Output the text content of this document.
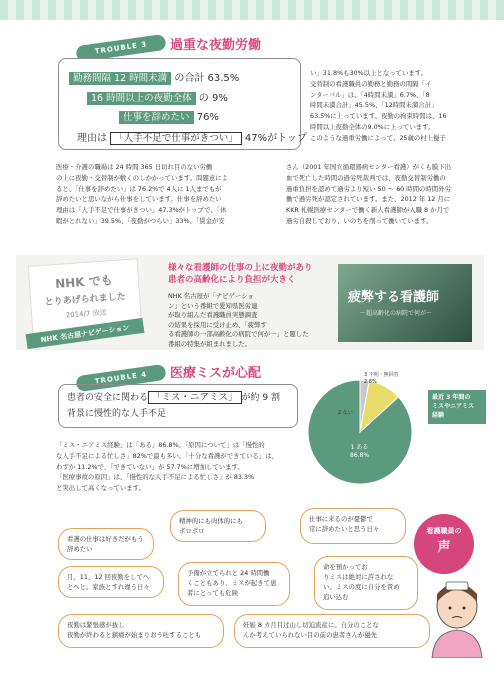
TROUBLE 3	過重な夜勤労働
勤務間隔 12 時間未満 の合計 63.5%
16 時間以上の夜勤全体 の 9%
仕事を辞めたい 76%
理由は 「人手不足で仕事がきつい」 47%がトップ
い」31.8%も30%以上となっています。
交替制の看護職員の勤務と勤務の間隔「イ
ンターバル」は、「4時間未満」6.7%、「8
時間未満合計」45.5%、「12時間未満合計」
63.5%に上っています。夜勤の拘束時間は、16
時間以上夜勤全体の9.0%に上っています。
このような過重労働によって、25歳の村上優子
医療・介護の職場は 24 時間 365 日切れ目のない労働
の上に夜勤・交替制が敷くのしかかっています。問題意によ
ると、「仕事を辞めたい」は 76.2%で 4人に 1人までもが
辞めたいと思いながら仕事をしています。仕事を辞めたい
理由は「人手不足で仕事がきつい」47.3%がトップで、「休
暇がとれない」39.5%、「夜勤がつらい」33%、「賃金が安
さん（2001 年国立循環器病センター看護）がくも膜下出
血で死亡した時間の過労死裁判では、夜勤交替制労働の
過重負担を認めて過労より短い 50 〜 60 時間の時間外労
働で過労死が認定されています。また、2012 年 12 月に
KKR 札幌医療センターで働く新人看護師が入職 8 か月で
過労自殺しており、いのちを削って働いています。
NHK でも
とりあげられました
2014/7 放送
NHK 名古屋ナビゲーション
様々な看護師の仕事の上に夜勤があり
患者の高齢化により負担が大きく
NHK 名古屋が「ナビゲーショ
ン」という番組で愛知県医労連
が取り組んだ看護職員実態調査
の結果を採用に受け止め、「疲弊す
る看護師の一部高齢化の病院で何が一」と題した
番組の特集が組まれました。
疲弊する看護師
〜超高齢化の病院で何が〜
TROUBLE 4	医療ミスが心配
患者の安全に関わる 「ミス・ニアミス」 が約 9 割
背景に慢性的な人手不足
「ミス・ニアミス経験」は「ある」86.8%。「原因について」は「慢性的
な人手不足による忙しさ」82%で最も多い。「十分な看護ができている」は、
わずか 11.2%で、「できていない」が 57.7%に増加しています。
「医療事故の原因」は、「慢性的な人手不足による忙しさ」が 83.3%
と突出して高くなっています。
3 不明・無回答
2.8%
2 ない
1 ある
86.8%
最近 3 年間の
ミスやニアミス
経験
看護の仕事は好きだがもう
辞めたい
精神的にも肉体的にも
ボロボロ
仕事に来るのが憂鬱で
常に辞めたいと思う日々
月、11、12 回夜勤をしてへ
とへと。家族とすれ違う日々
予備が立てられと 24 時間働
くこともあり、ミスが起きて患
者にとっても危険
命を預かってお
りミスは絶対に許されな
い。ミスの度に自分を責め
追い込む
夜勤は緊張感が抜し
夜勤が終わると鎮痛が始まりおう吐することも
妊娠 8 カ月目过山し切迫流産に。自分のことな
んか考えていられない目の前の患者さんが優先
看護職員の
声
